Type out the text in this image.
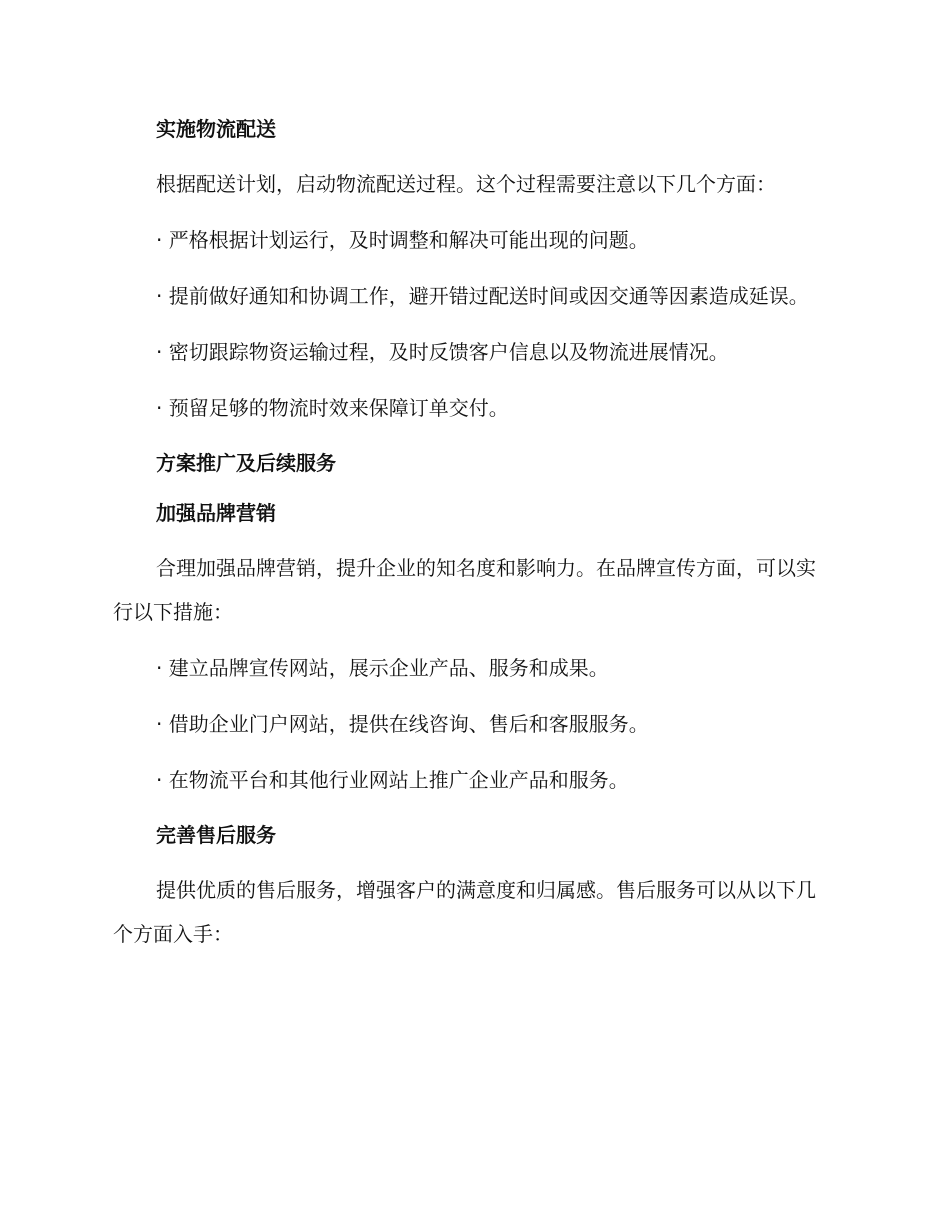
实施物流配送

根据配送计划，启动物流配送过程。这个过程需要注意以下几个方面：

· 严格根据计划运行，及时调整和解决可能出现的问题。

· 提前做好通知和协调工作，避开错过配送时间或因交通等因素造成延误。

· 密切跟踪物资运输过程，及时反馈客户信息以及物流进展情况。

· 预留足够的物流时效来保障订单交付。

方案推广及后续服务
加强品牌营销

合理加强品牌营销，提升企业的知名度和影响力。在品牌宣传方面，可以实行以下措施：

· 建立品牌宣传网站，展示企业产品、服务和成果。

· 借助企业门户网站，提供在线咨询、售后和客服服务。

· 在物流平台和其他行业网站上推广企业产品和服务。

完善售后服务

提供优质的售后服务，增强客户的满意度和归属感。售后服务可以从以下几个方面入手：
